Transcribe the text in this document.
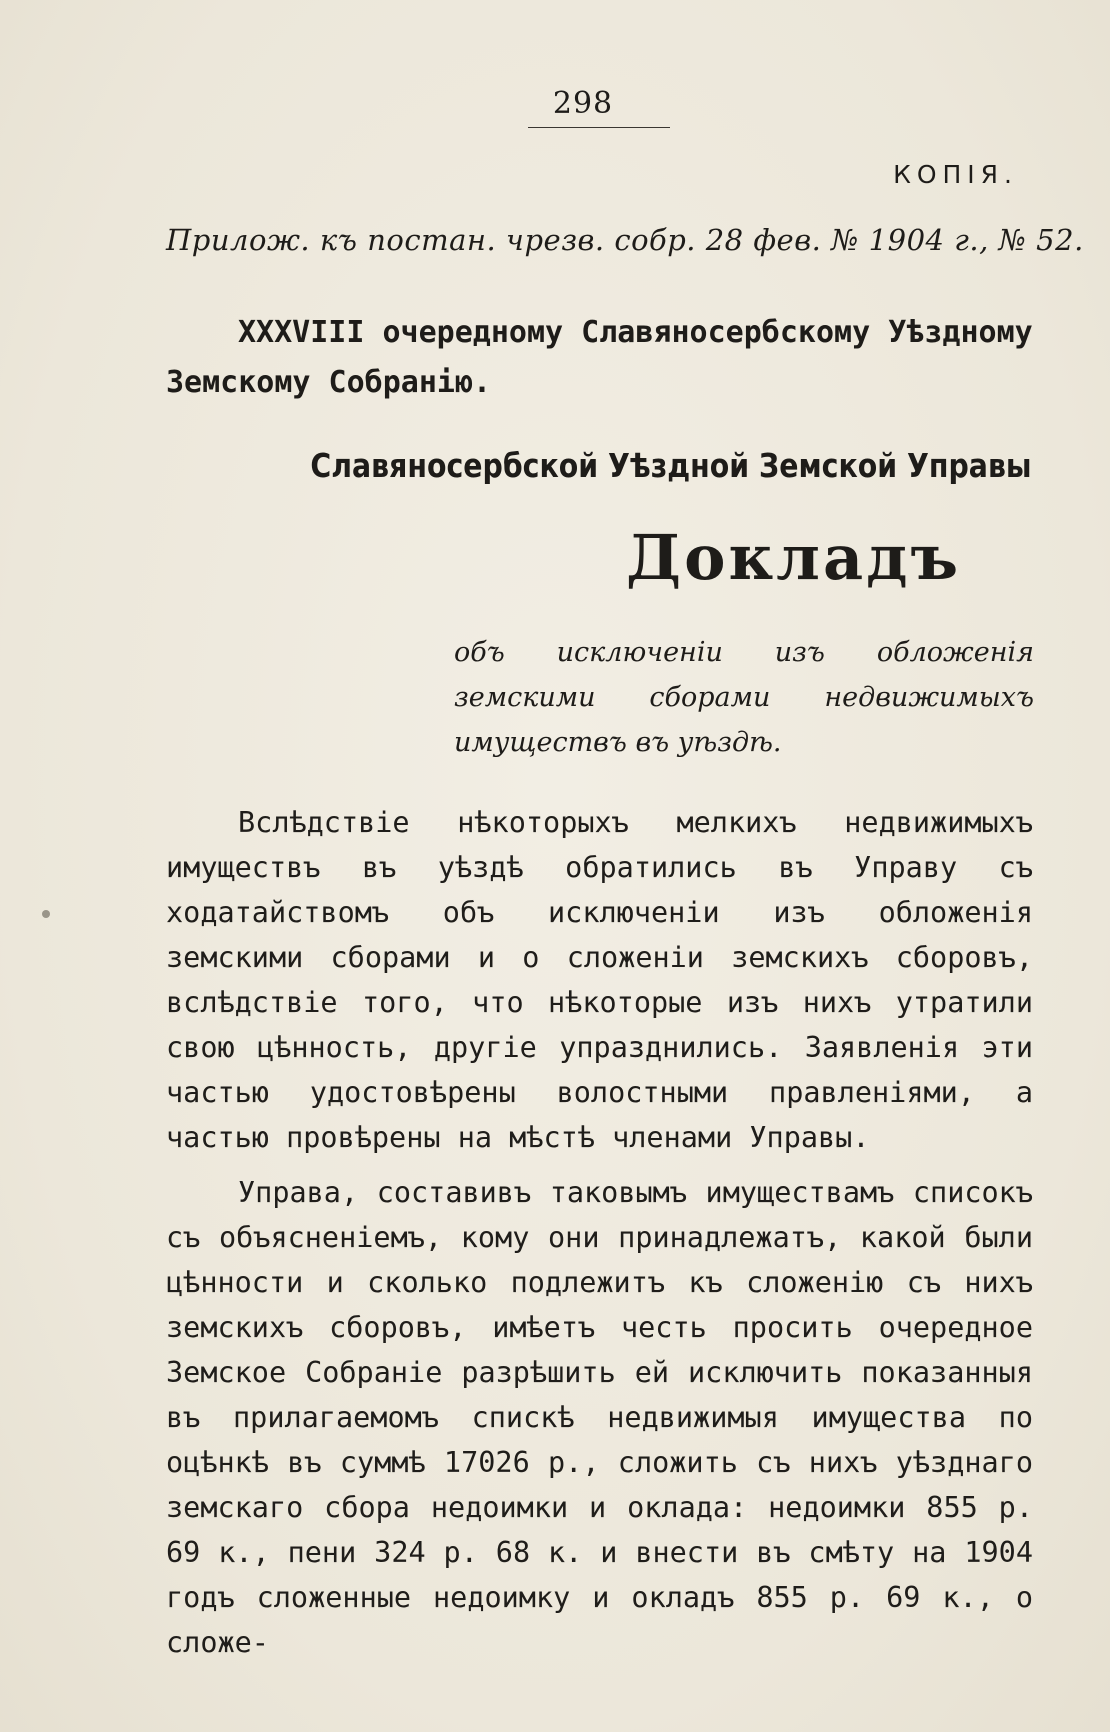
298
КОПІЯ.
Прилож. къ постан. чрезв. собр. 28 фев. № 1904 г., № 52.
XXXVIII очередному Славяносербскому Уѣздному Земскому Собранію.
Славяносербской Уѣздной Земской Управы
Докладъ
объ исключеніи изъ обложенія земскими сборами недвижимыхъ имуществъ въ уѣздѣ.

Вслѣдствіе нѣкоторыхъ мелкихъ недвижимыхъ имуществъ въ уѣздѣ обратились въ Управу съ ходатайствомъ объ исключеніи изъ обложенія земскими сборами и о сложеніи земскихъ сборовъ, вслѣдствіе того, что нѣкоторые изъ нихъ утратили свою цѣнность, другіе упразднились. Заявленія эти частью удостовѣрены волостными правленіями, а частью провѣрены на мѣстѣ членами Управы.

Управа, составивъ таковымъ имуществамъ списокъ съ объясненіемъ, кому они принадлежатъ, какой были цѣнности и сколько подлежитъ къ сложенію съ нихъ земскихъ сборовъ, имѣетъ честь просить очередное Земское Собраніе разрѣшить ей исключить показанныя въ прилагаемомъ спискѣ недвижимыя имущества по оцѣнкѣ въ суммѣ 17026 р., сложить съ нихъ уѣзднаго земскаго сбора недоимки и оклада: недоимки 855 р. 69 к., пени 324 р. 68 к. и внести въ смѣту на 1904 годъ сложенные недоимку и окладъ 855 р. 69 к., о сложе-
